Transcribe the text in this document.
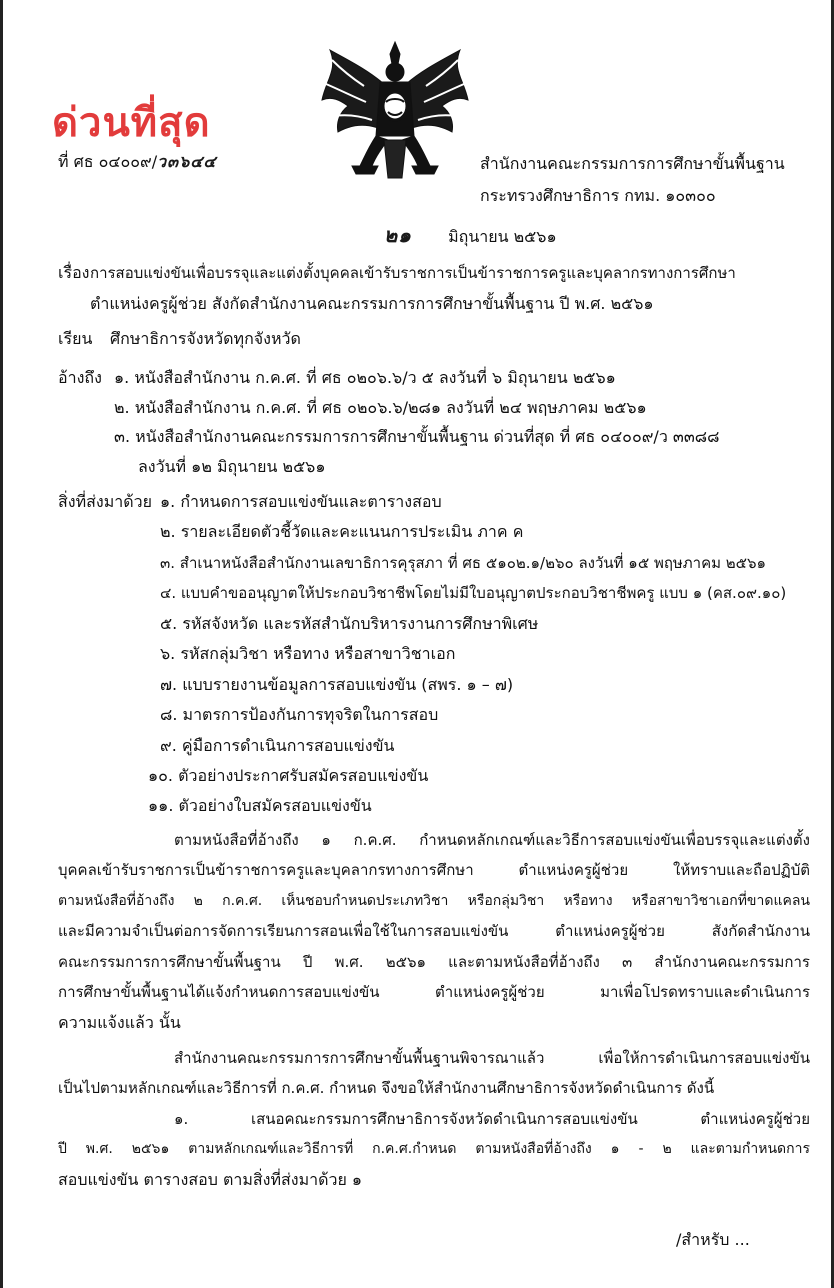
ด่วนที่สุด
ที่ ศธ ๐๔๐๐๙/ว๓๖๔๔	สำนักงานคณะกรรมการการศึกษาขั้นพื้นฐาน
กระทรวงศึกษาธิการ กทม. ๑๐๓๐๐
๒๑ มิถุนายน ๒๕๖๑
เรื่อง การสอบแข่งขันเพื่อบรรจุและแต่งตั้งบุคคลเข้ารับราชการเป็นข้าราชการครูและบุคลากรทางการศึกษา
ตำแหน่งครูผู้ช่วย สังกัดสำนักงานคณะกรรมการการศึกษาขั้นพื้นฐาน ปี พ.ศ. ๒๕๖๑
เรียน ศึกษาธิการจังหวัดทุกจังหวัด
อ้างถึง ๑. หนังสือสำนักงาน ก.ค.ศ. ที่ ศธ ๐๒๐๖.๖/ว ๕ ลงวันที่ ๖ มิถุนายน ๒๕๖๑
๒. หนังสือสำนักงาน ก.ค.ศ. ที่ ศธ ๐๒๐๖.๖/๒๘๑ ลงวันที่ ๒๔ พฤษภาคม ๒๕๖๑
๓. หนังสือสำนักงานคณะกรรมการการศึกษาขั้นพื้นฐาน ด่วนที่สุด ที่ ศธ ๐๔๐๐๙/ว ๓๓๘๘
ลงวันที่ ๑๒ มิถุนายน ๒๕๖๑
สิ่งที่ส่งมาด้วย ๑. กำหนดการสอบแข่งขันและตารางสอบ
๒. รายละเอียดตัวชี้วัดและคะแนนการประเมิน ภาค ค
๓. สำเนาหนังสือสำนักงานเลขาธิการคุรุสภา ที่ ศธ ๕๑๐๒.๑/๒๖๐ ลงวันที่ ๑๕ พฤษภาคม ๒๕๖๑
๔. แบบคำขออนุญาตให้ประกอบวิชาชีพโดยไม่มีใบอนุญาตประกอบวิชาชีพครู แบบ ๑ (คส.๐๙.๑๐)
๕. รหัสจังหวัด และรหัสสำนักบริหารงานการศึกษาพิเศษ
๖. รหัสกลุ่มวิชา หรือทาง หรือสาขาวิชาเอก
๗. แบบรายงานข้อมูลการสอบแข่งขัน (สพร. ๑ – ๗)
๘. มาตรการป้องกันการทุจริตในการสอบ
๙. คู่มือการดำเนินการสอบแข่งขัน
๑๐. ตัวอย่างประกาศรับสมัครสอบแข่งขัน
๑๑. ตัวอย่างใบสมัครสอบแข่งขัน
ตามหนังสือที่อ้างถึง ๑ ก.ค.ศ. กำหนดหลักเกณฑ์และวิธีการสอบแข่งขันเพื่อบรรจุและแต่งตั้ง
บุคคลเข้ารับราชการเป็นข้าราชการครูและบุคลากรทางการศึกษา ตำแหน่งครูผู้ช่วย ให้ทราบและถือปฏิบัติ
ตามหนังสือที่อ้างถึง ๒ ก.ค.ศ. เห็นชอบกำหนดประเภทวิชา หรือกลุ่มวิชา หรือทาง หรือสาขาวิชาเอกที่ขาดแคลน
และมีความจำเป็นต่อการจัดการเรียนการสอนเพื่อใช้ในการสอบแข่งขัน ตำแหน่งครูผู้ช่วย สังกัดสำนักงาน
คณะกรรมการการศึกษาขั้นพื้นฐาน ปี พ.ศ. ๒๕๖๑ และตามหนังสือที่อ้างถึง ๓ สำนักงานคณะกรรมการ
การศึกษาขั้นพื้นฐานได้แจ้งกำหนดการสอบแข่งขัน ตำแหน่งครูผู้ช่วย มาเพื่อโปรดทราบและดำเนินการ
ความแจ้งแล้ว นั้น
สำนักงานคณะกรรมการการศึกษาขั้นพื้นฐานพิจารณาแล้ว เพื่อให้การดำเนินการสอบแข่งขัน
เป็นไปตามหลักเกณฑ์และวิธีการที่ ก.ค.ศ. กำหนด จึงขอให้สำนักงานศึกษาธิการจังหวัดดำเนินการ ดังนี้
๑. เสนอคณะกรรมการศึกษาธิการจังหวัดดำเนินการสอบแข่งขัน ตำแหน่งครูผู้ช่วย
ปี พ.ศ. ๒๕๖๑ ตามหลักเกณฑ์และวิธีการที่ ก.ค.ศ.กำหนด ตามหนังสือที่อ้างถึง ๑ - ๒ และตามกำหนดการ
สอบแข่งขัน ตารางสอบ ตามสิ่งที่ส่งมาด้วย ๑
/สำหรับ ...
